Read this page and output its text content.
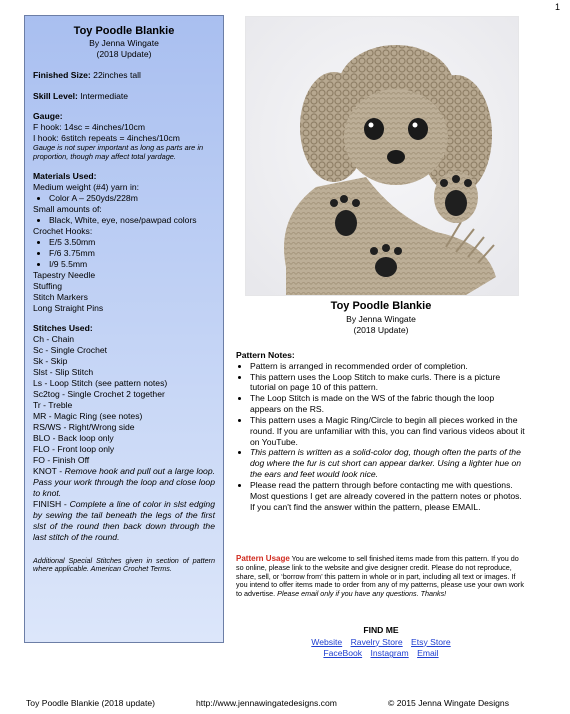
1
Toy Poodle Blankie
By Jenna Wingate
(2018 Update)
Finished Size: 22inches tall
Skill Level: Intermediate
Gauge:
F hook: 14sc = 4inches/10cm
I hook: 6stitch repeats = 4inches/10cm
Gauge is not super important as long as parts are in proportion, though may affect total yardage.
Materials Used:
Medium weight (#4) yarn in:
• Color A – 250yds/228m
Small amounts of:
• Black, White, eye, nose/pawpad colors
Crochet Hooks:
• E/5 3.50mm
• F/6 3.75mm
• I/9 5.5mm
Tapestry Needle
Stuffing
Stitch Markers
Long Straight Pins
Stitches Used:
Ch - Chain
Sc - Single Crochet
Sk - Skip
Slst - Slip Stitch
Ls - Loop Stitch (see pattern notes)
Sc2tog - Single Crochet 2 together
Tr - Treble
MR - Magic Ring (see notes)
RS/WS - Right/Wrong side
BLO - Back loop only
FLO - Front loop only
FO - Finish Off
KNOT - Remove hook and pull out a large loop. Pass your work through the loop and close loop to knot.
FINISH - Complete a line of color in slst edging by sewing the tail beneath the legs of the first slst of the round then back down through the last stitch of the round.
Additional Special Stitches given in section of pattern where applicable. American Crochet Terms.
Toy Poodle Blankie
By Jenna Wingate
(2018 Update)
Pattern Notes:
• Pattern is arranged in recommended order of completion.
• This pattern uses the Loop Stitch to make curls. There is a picture tutorial on page 10 of this pattern.
• The Loop Stitch is made on the WS of the fabric though the loop appears on the RS.
• This pattern uses a Magic Ring/Circle to begin all pieces worked in the round. If you are unfamiliar with this, you can find various videos about it on YouTube.
• This pattern is written as a solid-color dog, though often the parts of the dog where the fur is cut short can appear darker. Using a lighter hue on the ears and feet would look nice.
• Please read the pattern through before contacting me with questions. Most questions I get are already covered in the pattern notes or photos. If you can't find the answer within the pattern, please EMAIL.
Pattern Usage You are welcome to sell finished items made from this pattern. If you do so online, please link to the website and give designer credit. Please do not reproduce, share, sell, or ‘borrow from’ this pattern in whole or in part, including all text or images. If you intend to offer items made to order from any of my patterns, please use your own work to advertise. Please email only if you have any questions. Thanks!
FIND ME
Website Ravelry Store Etsy Store
FaceBook Instagram Email
Toy Poodle Blankie (2018 update)	http://www.jennawingatedesigns.com	© 2015 Jenna Wingate Designs
